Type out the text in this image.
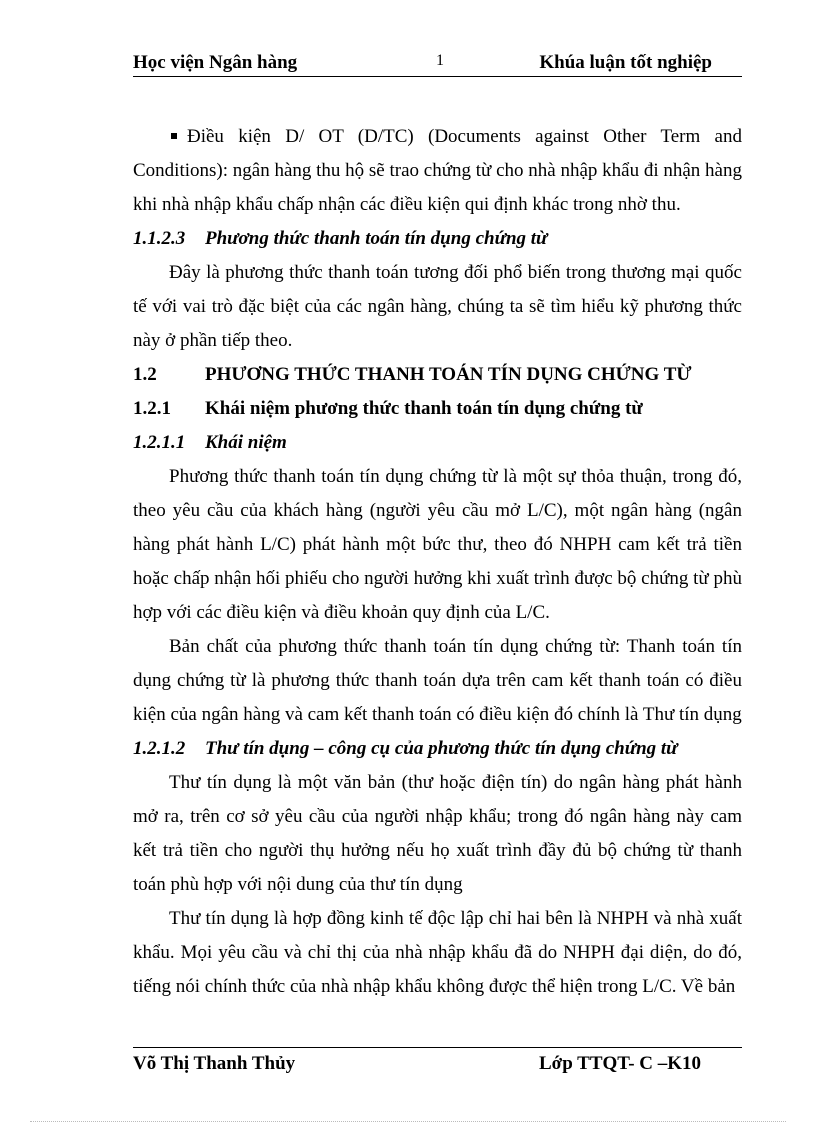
Học viện Ngân hàng	1	Khúa luận tốt nghiệp

Điều kiện D/ OT (D/TC) (Documents against Other Term and Conditions): ngân hàng thu hộ sẽ trao chứng từ cho nhà nhập khẩu đi nhận hàng khi nhà nhập khẩu chấp nhận các điều kiện qui định khác trong nhờ thu.

1.1.2.3 Phương thức thanh toán tín dụng chứng từ

Đây là phương thức thanh toán tương đối phổ biến trong thương mại quốc tế với vai trò đặc biệt của các ngân hàng, chúng ta sẽ tìm hiểu kỹ phương thức này ở phần tiếp theo.

1.2	PHƯƠNG THỨC THANH TOÁN TÍN DỤNG CHỨNG TỪ

1.2.1 Khái niệm phương thức thanh toán tín dụng chứng từ

1.2.1.1 Khái niệm

Phương thức thanh toán tín dụng chứng từ là một sự thỏa thuận, trong đó, theo yêu cầu của khách hàng (người yêu cầu mở L/C), một ngân hàng (ngân hàng phát hành L/C) phát hành một bức thư, theo đó NHPH cam kết trả tiền hoặc chấp nhận hối phiếu cho người hưởng khi xuất trình được bộ chứng từ phù hợp với các điều kiện và điều khoản quy định của L/C.

Bản chất của phương thức thanh toán tín dụng chứng từ: Thanh toán tín dụng chứng từ là phương thức thanh toán dựa trên cam kết thanh toán có điều kiện của ngân hàng và cam kết thanh toán có điều kiện đó chính là Thư tín dụng

1.2.1.2 Thư tín dụng – công cụ của phương thức tín dụng chứng từ

Thư tín dụng là một văn bản (thư hoặc điện tín) do ngân hàng phát hành mở ra, trên cơ sở yêu cầu của người nhập khẩu; trong đó ngân hàng này cam kết trả tiền cho người thụ hưởng nếu họ xuất trình đầy đủ bộ chứng từ thanh toán phù hợp với nội dung của thư tín dụng

Thư tín dụng là hợp đồng kinh tế độc lập chỉ hai bên là NHPH và nhà xuất khẩu. Mọi yêu cầu và chỉ thị của nhà nhập khẩu đã do NHPH đại diện, do đó, tiếng nói chính thức của nhà nhập khẩu không được thể hiện trong L/C. Về bản

Võ Thị Thanh Thủy	Lớp TTQT- C –K10
